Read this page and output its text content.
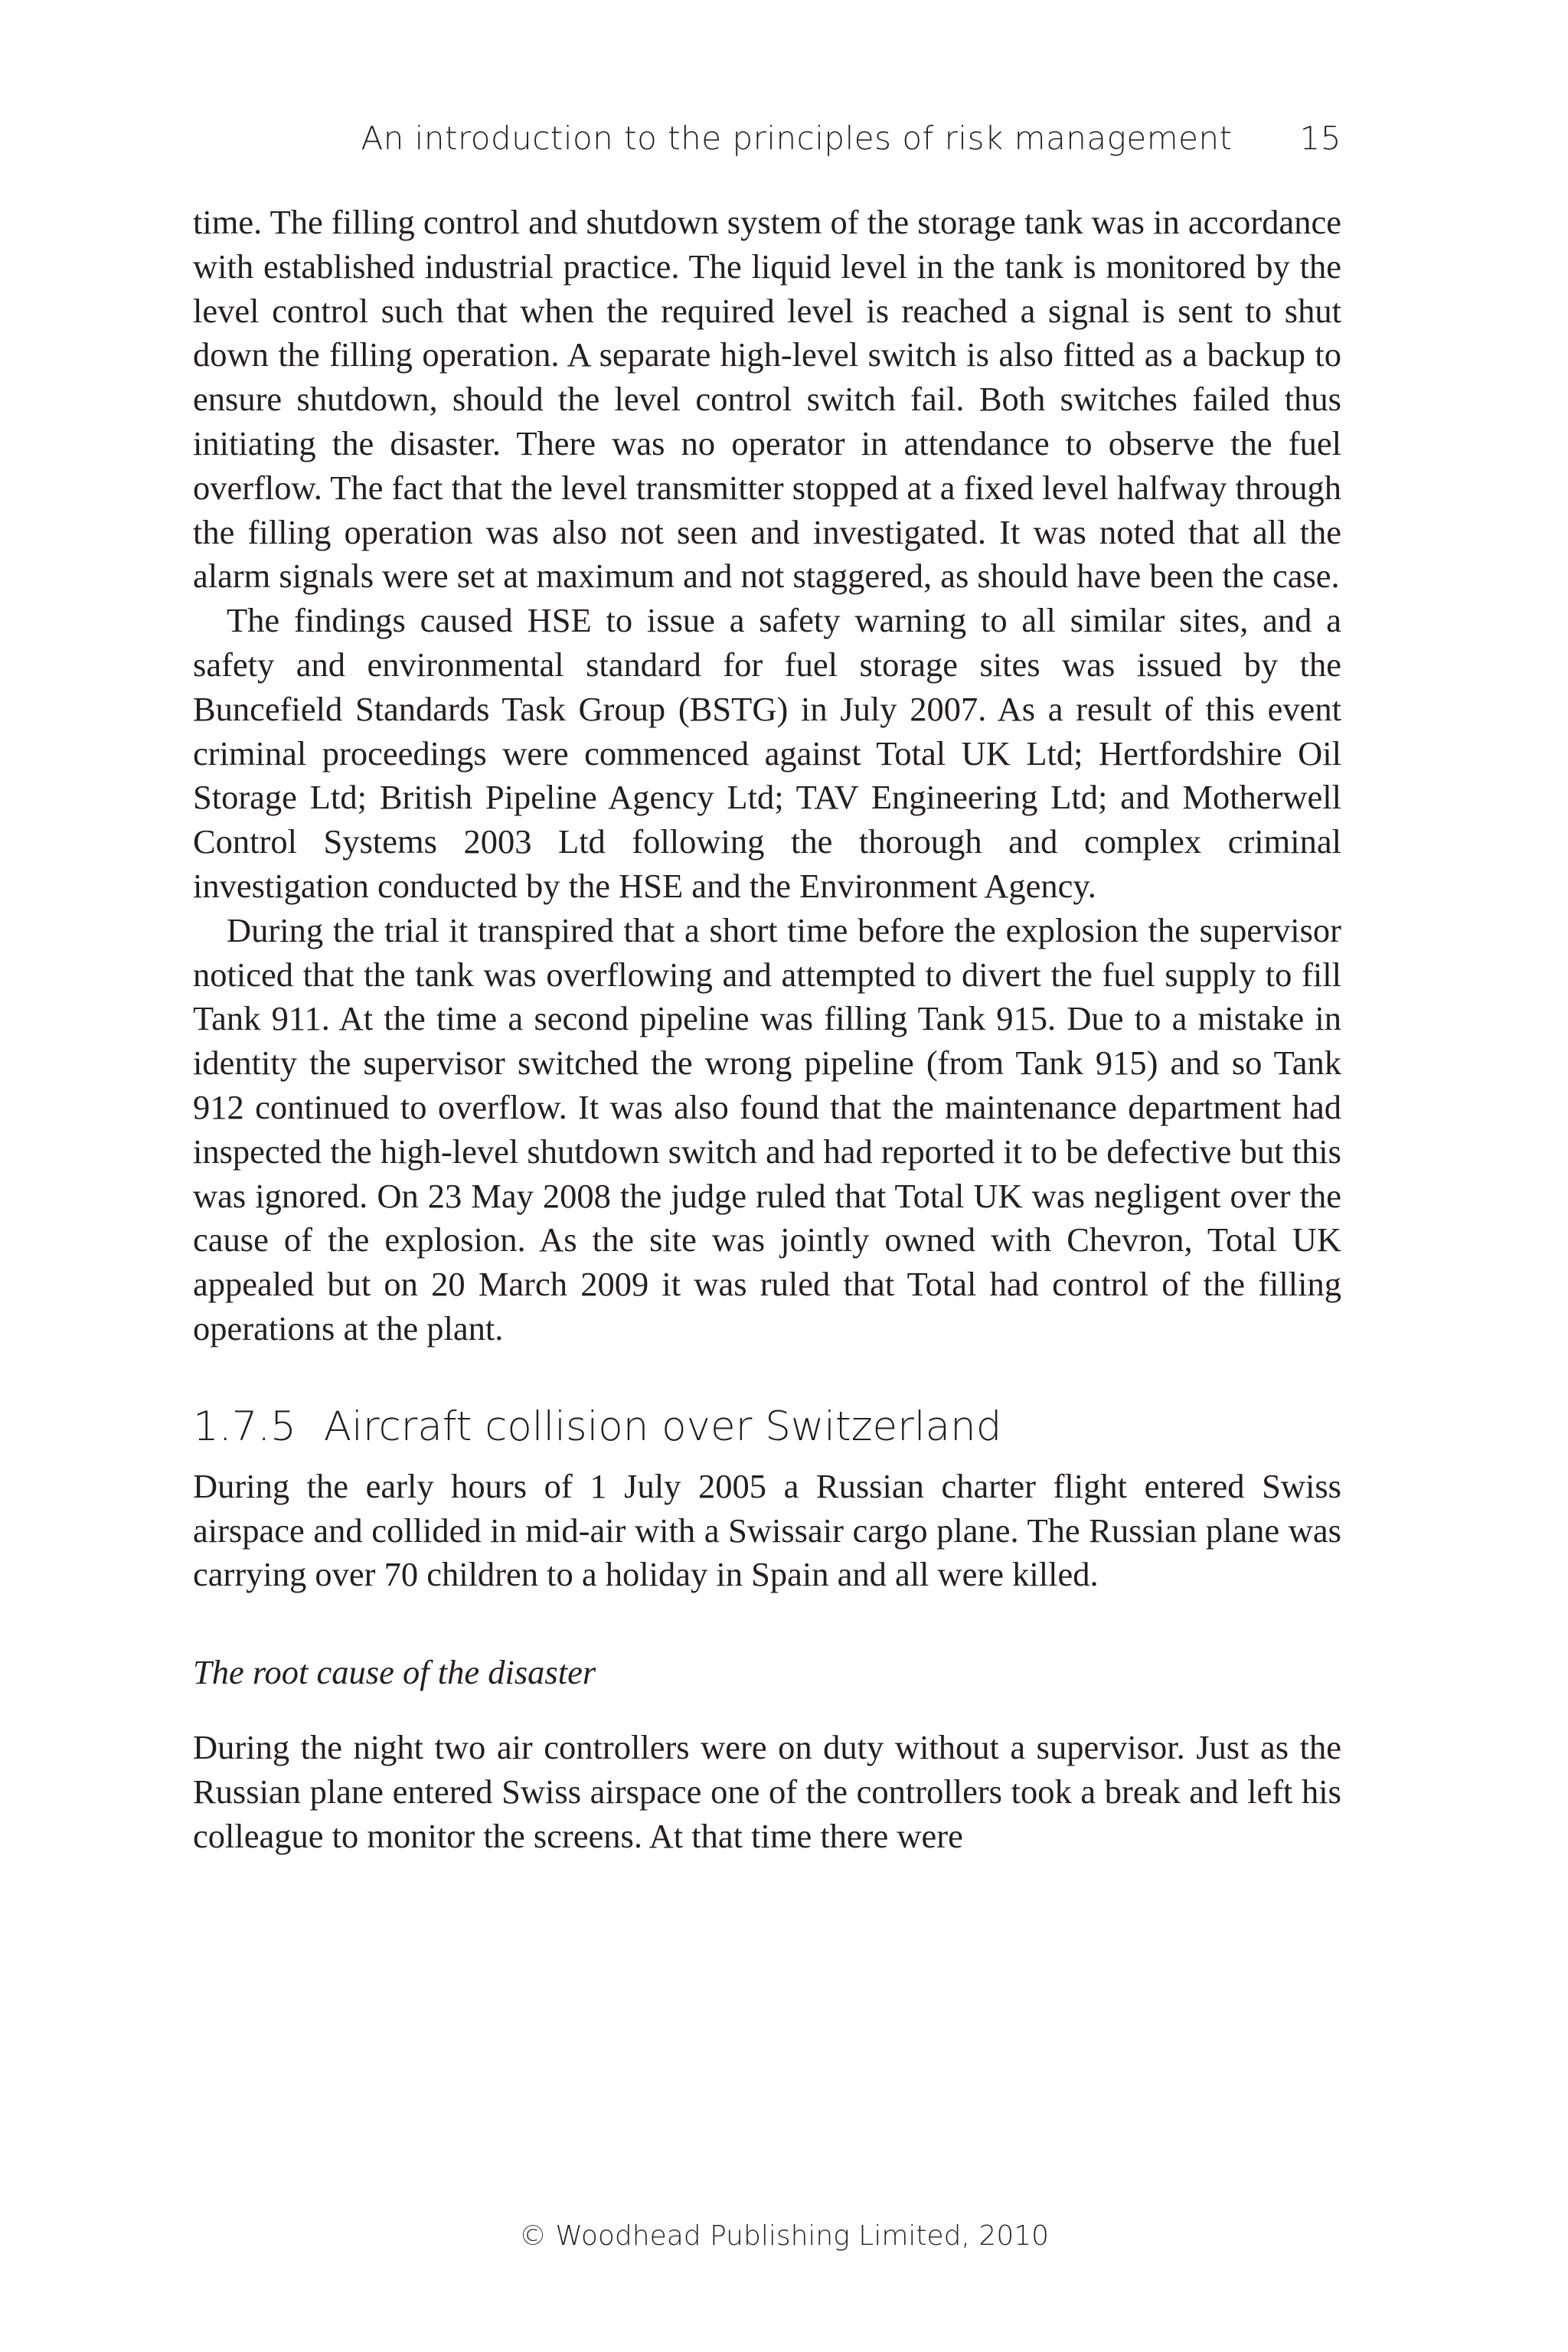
An introduction to the principles of risk management 15

time. The filling control and shutdown system of the storage tank was in accordance with established industrial practice. The liquid level in the tank is monitored by the level control such that when the required level is reached a signal is sent to shut down the filling operation. A separate high-level switch is also fitted as a backup to ensure shutdown, should the level control switch fail. Both switches failed thus initiating the disaster. There was no operator in attendance to observe the fuel overflow. The fact that the level transmitter stopped at a fixed level halfway through the filling operation was also not seen and investigated. It was noted that all the alarm signals were set at maximum and not staggered, as should have been the case.

The findings caused HSE to issue a safety warning to all similar sites, and a safety and environmental standard for fuel storage sites was issued by the Buncefield Standards Task Group (BSTG) in July 2007. As a result of this event criminal proceedings were commenced against Total UK Ltd; Hertfordshire Oil Storage Ltd; British Pipeline Agency Ltd; TAV Engineering Ltd; and Motherwell Control Systems 2003 Ltd following the thorough and complex criminal investigation conducted by the HSE and the Environment Agency.

During the trial it transpired that a short time before the explosion the supervisor noticed that the tank was overflowing and attempted to divert the fuel supply to fill Tank 911. At the time a second pipeline was filling Tank 915. Due to a mistake in identity the supervisor switched the wrong pipeline (from Tank 915) and so Tank 912 continued to overflow. It was also found that the maintenance department had inspected the high-level shutdown switch and had reported it to be defective but this was ignored. On 23 May 2008 the judge ruled that Total UK was negligent over the cause of the explosion. As the site was jointly owned with Chevron, Total UK appealed but on 20 March 2009 it was ruled that Total had control of the filling operations at the plant.

1.7.5 Aircraft collision over Switzerland

During the early hours of 1 July 2005 a Russian charter flight entered Swiss airspace and collided in mid-air with a Swissair cargo plane. The Russian plane was carrying over 70 children to a holiday in Spain and all were killed.

The root cause of the disaster

During the night two air controllers were on duty without a supervisor. Just as the Russian plane entered Swiss airspace one of the controllers took a break and left his colleague to monitor the screens. At that time there were

© Woodhead Publishing Limited, 2010
